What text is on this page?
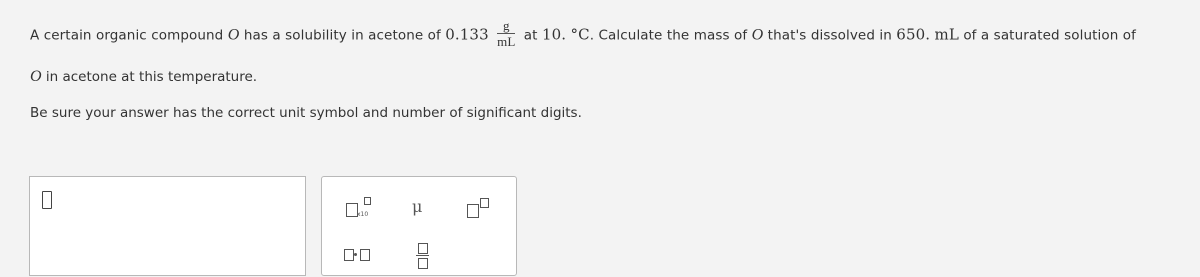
A certain organic compound O has a solubility in acetone of $0.133 \frac{g}{mL}$ at 10. °C. Calculate the mass of O that's dissolved in 650. mL of a saturated solution of
O in acetone at this temperature.
Be sure your answer has the correct unit symbol and number of significant digits.
x10	μ
